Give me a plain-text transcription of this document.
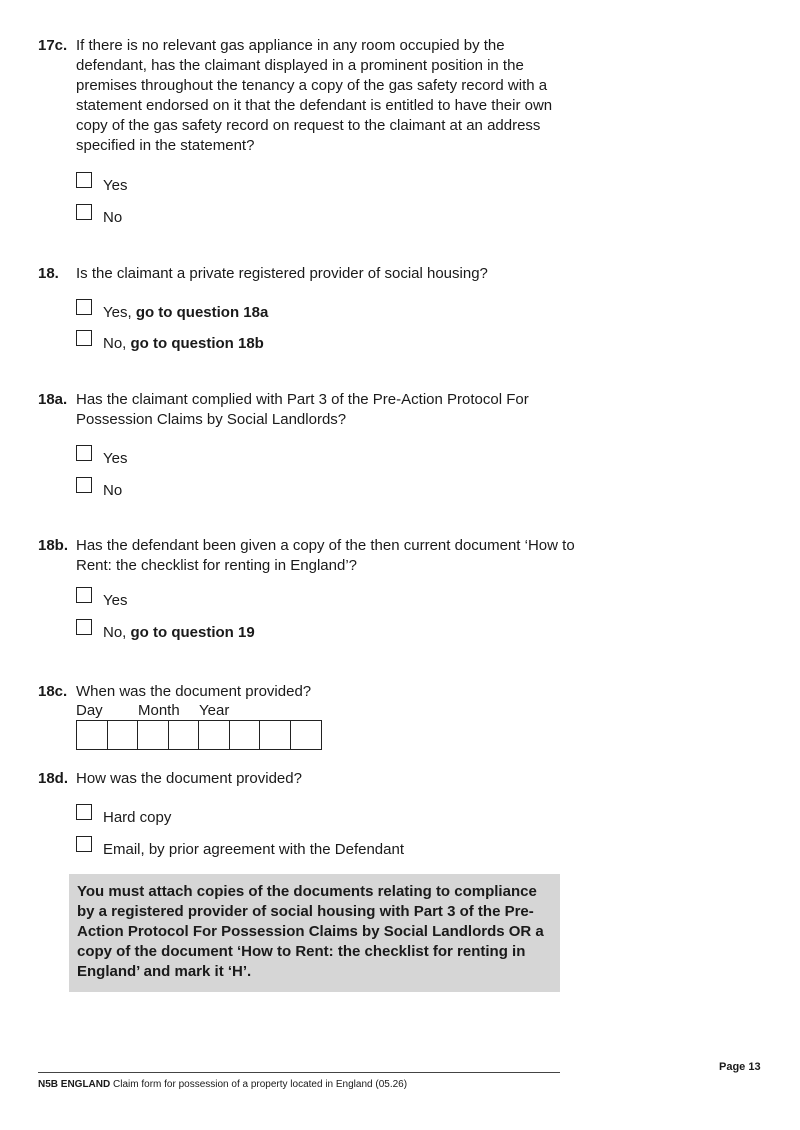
17c. If there is no relevant gas appliance in any room occupied by the defendant, has the claimant displayed in a prominent position in the premises throughout the tenancy a copy of the gas safety record with a statement endorsed on it that the defendant is entitled to have their own copy of the gas safety record on request to the claimant at an address specified in the statement?
Yes
No
18. Is the claimant a private registered provider of social housing?
Yes, go to question 18a
No, go to question 18b
18a. Has the claimant complied with Part 3 of the Pre-Action Protocol For Possession Claims by Social Landlords?
Yes
No
18b. Has the defendant been given a copy of the then current document ‘How to Rent: the checklist for renting in England’?
Yes
No, go to question 19
18c. When was the document provided?
Day Month Year
18d. How was the document provided?
Hard copy
Email, by prior agreement with the Defendant
You must attach copies of the documents relating to compliance by a registered provider of social housing with Part 3 of the Pre-Action Protocol For Possession Claims by Social Landlords OR a copy of the document ‘How to Rent: the checklist for renting in England’ and mark it ‘H’.
N5B ENGLAND Claim form for possession of a property located in England (05.26)
Page 13
